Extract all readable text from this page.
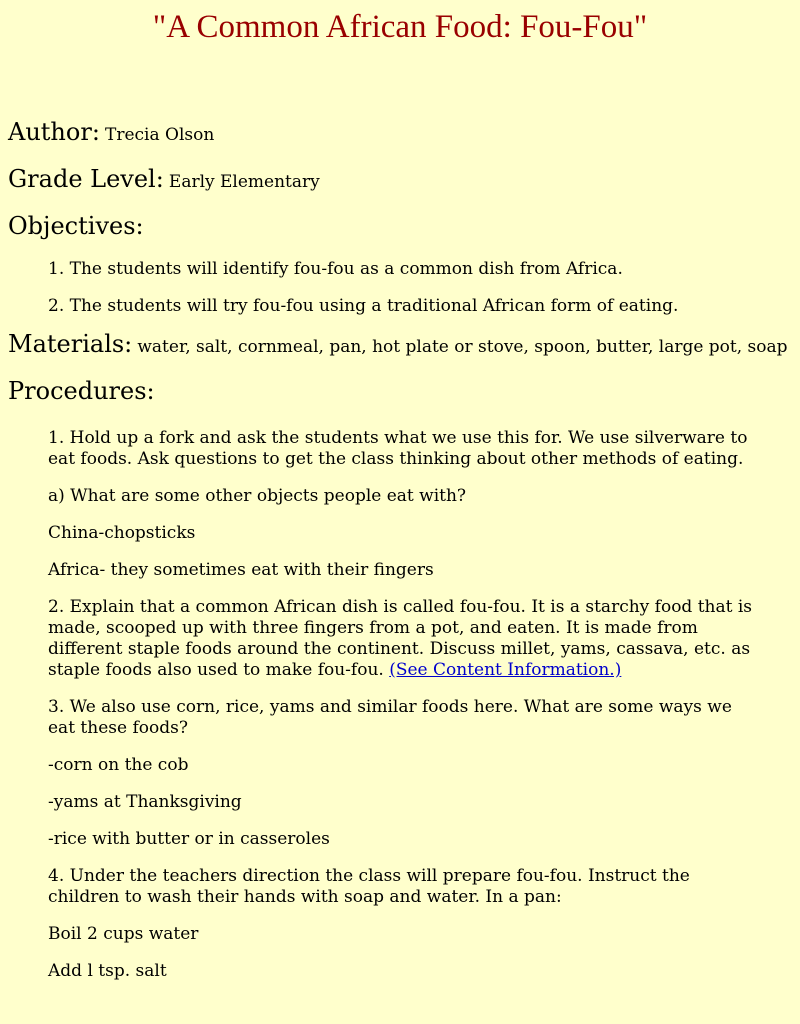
"A Common African Food: Fou-Fou"
Author: Trecia Olson
Grade Level: Early Elementary
Objectives:

1. The students will identify fou-fou as a common dish from Africa.

2. The students will try fou-fou using a traditional African form of eating.

Materials: water, salt, cornmeal, pan, hot plate or stove, spoon, butter, large pot, soap
Procedures:

1. Hold up a fork and ask the students what we use this for. We use silverware to eat foods. Ask questions to get the class thinking about other methods of eating.

a) What are some other objects people eat with?

China-chopsticks

Africa- they sometimes eat with their fingers

2. Explain that a common African dish is called fou-fou. It is a starchy food that is made, scooped up with three fingers from a pot, and eaten. It is made from different staple foods around the continent. Discuss millet, yams, cassava, etc. as staple foods also used to make fou-fou. (See Content Information.)

3. We also use corn, rice, yams and similar foods here. What are some ways we eat these foods?

-corn on the cob

-yams at Thanksgiving

-rice with butter or in casseroles

4. Under the teachers direction the class will prepare fou-fou. Instruct the children to wash their hands with soap and water. In a pan:

Boil 2 cups water

Add l tsp. salt
